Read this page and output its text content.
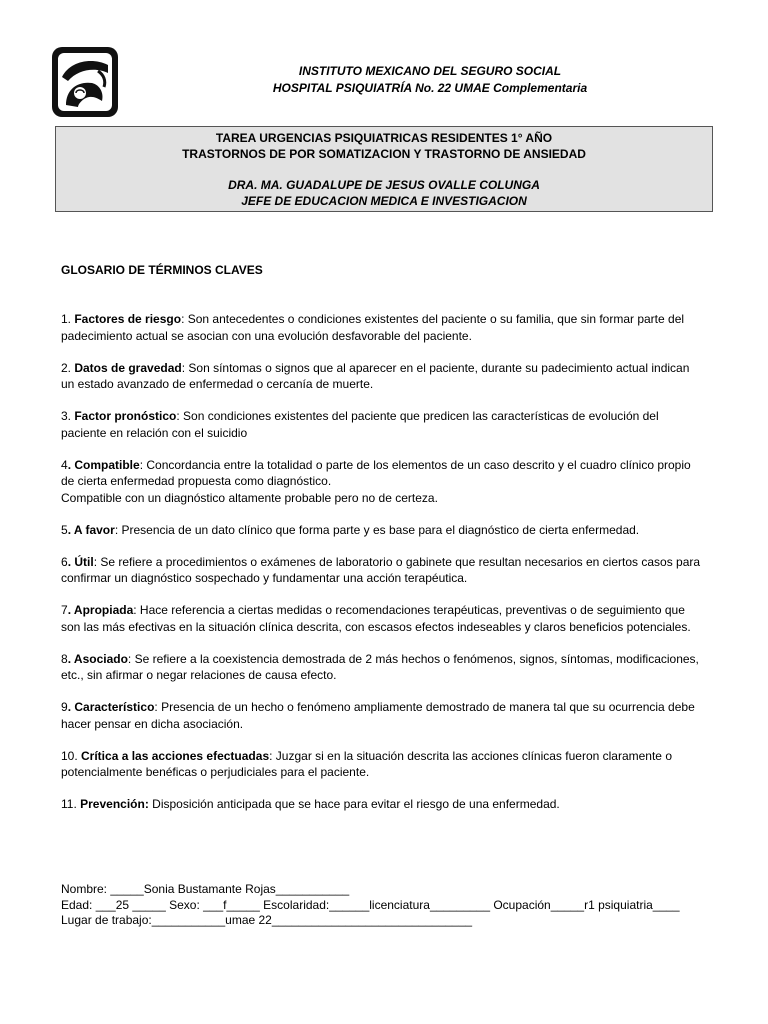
INSTITUTO MEXICANO DEL SEGURO SOCIAL
HOSPITAL PSIQUIATRÍA No. 22 UMAE Complementaria
TAREA URGENCIAS PSIQUIATRICAS RESIDENTES 1° AÑO
TRASTORNOS DE POR SOMATIZACION Y TRASTORNO DE ANSIEDAD
DRA. MA. GUADALUPE DE JESUS OVALLE COLUNGA
JEFE DE EDUCACION MEDICA E INVESTIGACION
GLOSARIO DE TÉRMINOS CLAVES

1. Factores de riesgo: Son antecedentes o condiciones existentes del paciente o su familia, que sin formar parte del padecimiento actual se asocian con una evolución desfavorable del paciente.

2. Datos de gravedad: Son síntomas o signos que al aparecer en el paciente, durante su padecimiento actual indican un estado avanzado de enfermedad o cercanía de muerte.

3. Factor pronóstico: Son condiciones existentes del paciente que predicen las características de evolución del paciente en relación con el suicidio

4. Compatible: Concordancia entre la totalidad o parte de los elementos de un caso descrito y el cuadro clínico propio de cierta enfermedad propuesta como diagnóstico.
Compatible con un diagnóstico altamente probable pero no de certeza.

5. A favor: Presencia de un dato clínico que forma parte y es base para el diagnóstico de cierta enfermedad.

6. Útil: Se refiere a procedimientos o exámenes de laboratorio o gabinete que resultan necesarios en ciertos casos para confirmar un diagnóstico sospechado y fundamentar una acción terapéutica.

7. Apropiada: Hace referencia a ciertas medidas o recomendaciones terapéuticas, preventivas o de seguimiento que son las más efectivas en la situación clínica descrita, con escasos efectos indeseables y claros beneficios potenciales.

8. Asociado: Se refiere a la coexistencia demostrada de 2 más hechos o fenómenos, signos, síntomas, modificaciones, etc., sin afirmar o negar relaciones de causa efecto.

9. Característico: Presencia de un hecho o fenómeno ampliamente demostrado de manera tal que su ocurrencia debe hacer pensar en dicha asociación.

10. Crítica a las acciones efectuadas: Juzgar si en la situación descrita las acciones clínicas fueron claramente o potencialmente benéficas o perjudiciales para el paciente.

11. Prevención: Disposición anticipada que se hace para evitar el riesgo de una enfermedad.

Nombre: _____Sonia Bustamante Rojas___________
Edad: ___25 _____ Sexo: ___f_____ Escolaridad:______licenciatura_________ Ocupación_____r1 psiquiatria____
Lugar de trabajo:___________umae 22______________________________
